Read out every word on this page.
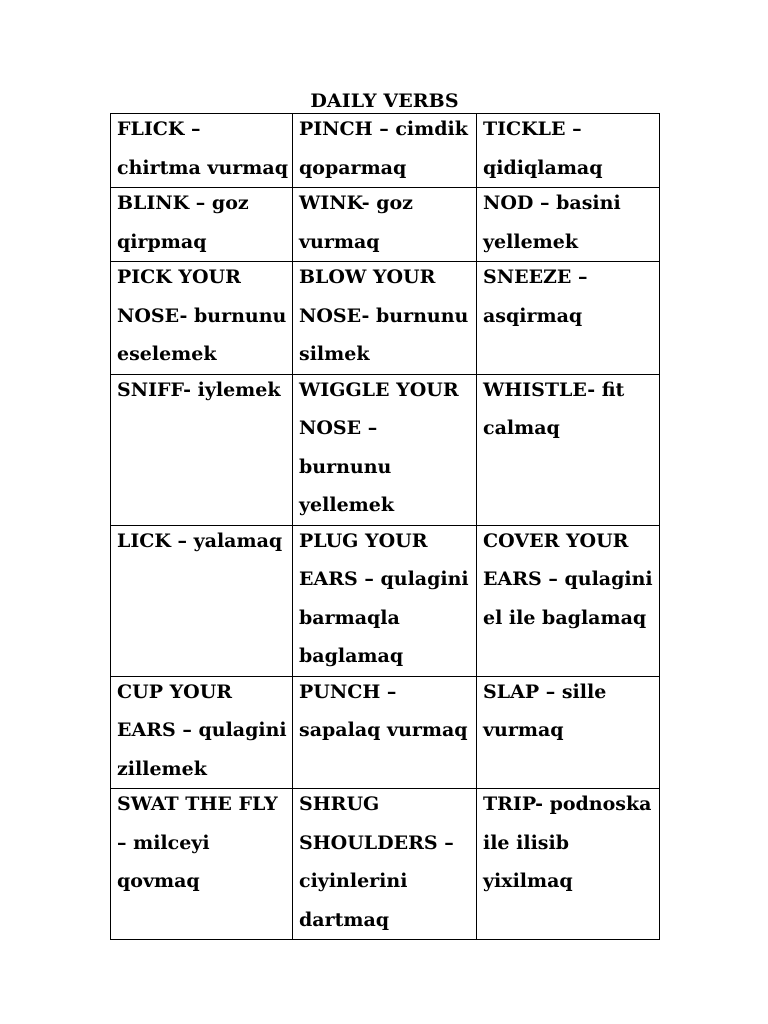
DAILY VERBS
FLICK – chirtma vurmaq	PINCH – cimdik qoparmaq	TICKLE – qidiqlamaq

BLINK – goz qirpmaq	WINK- goz vurmaq	NOD – basini yellemek

PICK YOUR NOSE- burnunu eselemek	BLOW YOUR NOSE- burnunu silmek	SNEEZE – asqirmaq

SNIFF- iylemek	WIGGLE YOUR NOSE – burnunu yellemek	WHISTLE- fit calmaq

LICK – yalamaq	PLUG YOUR EARS – qulagini barmaqla baglamaq	COVER YOUR EARS – qulagini el ile baglamaq

CUP YOUR EARS – qulagini zillemek	PUNCH – sapalaq vurmaq	SLAP – sille vurmaq

SWAT THE FLY – milceyi qovmaq	SHRUG SHOULDERS – ciyinlerini dartmaq	TRIP- podnoska ile ilisib yixilmaq
